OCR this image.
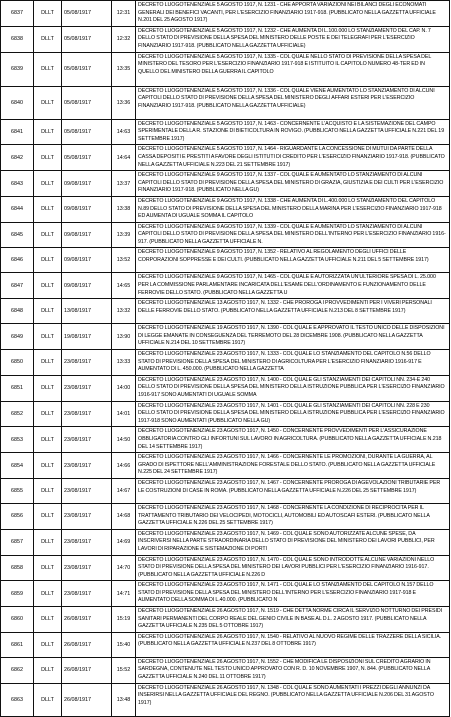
6837	DLLT	05/08/1917	12:31	DECRETO LUOGOTENENZIALE 5 AGOSTO 1917, N. 1231 - CHE APPORTA VARIAZIONI NEI BILANCI DEGLI ECONOMATI GENERALI DEI BENEFICI VACANTI, PER L'ESERCIZIO FINANZIARIO 1917-918. (PUBBLICATO NELLA GAZZETTA UFFICIALE N.201 DEL 25 AGOSTO 1917)

6838	DLLT	05/08/1917	12:32	DECRETO LUOGOTENENZIALE 5 AGOSTO 1917, N. 1232 - CHE AUMENTA DI L.100.000 LO STANZIAMENTO DEL CAP. N. 7 DELLO STATO DI PREVISIONE DELLA SPESA DEL MINISTERO DELLE POSTE E DEI TELEGRAFI PER L'ESERCIZIO FINANZIARIO 1917-918. (PUBBLICATO NELLA GAZZETTA UFFICIALE)

6839	DLLT	05/08/1917	13:35	DECRETO LUOGOTENENZIALE 5 AGOSTO 1917, N. 1335 - COL QUALE NELLO STATO DI PREVISIONE DELLA SPESA DEL MINISTERO DEL TESORO PER L'ESERCIZIO FINANZIARIO 1917-918 E ISTITUITO IL CAPITOLO NUMERO 48-TER ED IN QUELLO DEL MINISTERO DELLA GUERRA IL CAPITOLO

6840	DLLT	05/08/1917	13:36	DECRETO LUOGOTENENZIALE 5 AGOSTO 1917, N. 1336 - COL QUALE VIENE AUMENTATO LO STANZIAMENTO DI ALCUNI CAPITOLI DELLO STATO DI PREVISIONE DELLA SPESA DEL MINISTERO DEGLI AFFARI ESTERI PER L'ESERCIZIO FINANZIARIO 1917-918. (PUBBLICATO NELLA GAZZETTA UFFICIALE)

6841	DLLT	05/08/1917	14:63	DECRETO LUOGOTENENZIALE 5 AGOSTO 1917, N. 1463 - CONCERNENTE L'ACQUISTO E LA SISTEMAZIONE DEL CAMPO SPERIMENTALE DELLA R. STAZIONE DI BIETICOLTURA IN ROVIGO. (PUBBLICATO NELLA GAZZETTA UFFICIALE N.221 DEL 19 SETTEMBRE 1917)

6842	DLLT	05/08/1917	14:64	DECRETO LUOGOTENENZIALE 5 AGOSTO 1917, N. 1464 - RIGUARDANTE LA CONCESSIONE DI MUTUI DA PARTE DELLA CASSA DEPOSITI E PRESTITI A FAVORE DEGLI ISTITUTI DI CREDITO PER L'ESERCIZIO FINANZIARIO 1917-918. (PUBBLICATO NELLA GAZZETTA UFFICIALE N.223 DEL 21 SETTEMBRE 1917)

6843	DLLT	09/08/1917	13:37	DECRETO LUOGOTENENZIALE 9 AGOSTO 1917, N. 1337 - COL QUALE E AUMENTATO LO STANZIAMENTO DI ALCUNI CAPITOLI DELLO STATO DI PREVISIONE DELLA SPESA DEL MINISTERO DI GRAZIA, GIUSTIZIA E DEI CULTI PER L'ESERCIZIO FINANZIARIO 1917-918. (PUBBLICATO NELLA GU)

6844	DLLT	09/08/1917	13:38	DECRETO LUOGOTENENZIALE 9 AGOSTO 1917, N. 1338 - CHE AUMENTA DI L.400.000 LO STANZIAMENTO DEL CAPITOLO N.89 DELLO STATO DI PREVISIONE DELLA SPESA DEL MINISTERO DELLA MARINA PER L'ESERCIZIO FINANZIARIO 1917-918 ED AUMENTA DI UGUALE SOMMA IL CAPITOLO

6845	DLLT	09/08/1917	13:39	DECRETO LUOGOTENENZIALE 9 AGOSTO 1917, N. 1339 - COL QUALE E AUMENTATO LO STANZIAMENTO DI ALCUNI CAPITOLI DELLO STATO DI PREVISIONE DELLA SPESA DEL MINISTERO DELL'INTERNO PER L'ESERCIZIO FINANZIARIO 1916-917. (PUBBLICATO NELLA GAZZETTA UFFICIALE N.

6846	DLLT	09/08/1917	13:52	DECRETO LUOGOTENENZIALE 9 AGOSTO 1917, N. 1352 - RELATIVO AL REGOLAMENTO DEGLI UFFICI DELLE CORPORAZIONI SOPPRESSE E DEI CULTI. (PUBBLICATO NELLA GAZZETTA UFFICIALE N.211 DEL 5 SETTEMBRE 1917)

6847	DLLT	09/08/1917	14:65	DECRETO LUOGOTENENZIALE 9 AGOSTO 1917, N. 1465 - COL QUALE E AUTORIZZATA UN'ULTERIORE SPESA DI L. 25.000 PER LA COMMISSIONE PARLAMENTARE INCARICATA DELL'ESAME DELL'ORDINAMENTO E FUNZIONAMENTO DELLE FERROVIE DELLO STATO. (PUBBLICATO NELLA GAZZETTA U

6848	DLLT	13/08/1917	13:32	DECRETO LUOGOTENENZIALE 13 AGOSTO 1917, N. 1332 - CHE PROROGA I PROVVEDIMENTI PER I VIVERI PERSONALI DELLE FERROVIE DELLO STATO. (PUBBLICATO NELLA GAZZETTA UFFICIALE N.213 DEL 8 SETTEMBRE 1917)

6849	DLLT	19/08/1917	13:90	DECRETO LUOGOTENENZIALE 19 AGOSTO 1917, N. 1390 - COL QUALE E APPROVATO IL TESTO UNICO DELLE DISPOSIZIONI DI LEGGE EMANATE IN CONSEGUENZA DEL TERREMOTO DEL 28 DICEMBRE 1908. (PUBBLICATO NELLA GAZZETTA UFFICIALE N.214 DEL 10 SETTEMBRE 1917)

6850	DLLT	23/08/1917	13:33	DECRETO LUOGOTENENZIALE 23 AGOSTO 1917, N. 1333 - COL QUALE LO STANZIAMENTO DEL CAPITOLO N.56 DELLO STATO DI PREVISIONE DELLA SPESA DEL MINISTERO DI AGRICOLTURA PER L'ESERCIZIO FINANZIARIO 1916-917 E AUMENTATO DI L. 450.000. (PUBBLICATO NELLA GAZZETTA

6851	DLLT	23/08/1917	14:00	DECRETO LUOGOTENENZIALE 23 AGOSTO 1917, N. 1400 - COL QUALE GLI STANZIAMENTI DEI CAPITOLI NN. 234-E 240 DELLO STATO DI PREVISIONE DELLA SPESA DEL MINISTERO DELLA ISTRUZIONE PUBBLICA PER L'ESERCIZIO FINANZIARIO 1916-917 SONO AUMENTATI DI UGUALE SOMMA

6852	DLLT	23/08/1917	14:01	DECRETO LUOGOTENENZIALE 23 AGOSTO 1917, N. 1401 - COL QUALE GLI STANZIAMENTI DEI CAPITOLI NN. 228 E 230 DELLO STATO DI PREVISIONE DELLA SPESA DEL MINISTERO DELLA ISTRUZIONE PUBBLICA PER L'ESERCIZIO FINANZIARIO 1917-918 SONO AUMENTATI (PUBBLICATO NELLA GU)

6853	DLLT	23/08/1917	14:50	DECRETO LUOGOTENENZIALE 23 AGOSTO 1917, N. 1450 - CONCERNENTE PROVVEDIMENTI PER L'ASSICURAZIONE OBBLIGATORIA CONTRO GLI INFORTUNI SUL LAVORO IN AGRICOLTURA. (PUBBLICATO NELLA GAZZETTA UFFICIALE N.218 DEL 14 SETTEMBRE 1917)

6854	DLLT	23/08/1917	14:66	DECRETO LUOGOTENENZIALE 23 AGOSTO 1917, N. 1466 - CONCERNENTE LE PROMOZIONI, DURANTE LA GUERRA, AL GRADO DI ISPETTORE NELL'AMMINISTRAZIONE FORESTALE DELLO STATO. (PUBBLICATO NELLA GAZZETTA UFFICIALE N.225 DEL 24 SETTEMBRE 1917)

6855	DLLT	23/08/1917	14:67	DECRETO LUOGOTENENZIALE 23 AGOSTO 1917, N. 1467 - CONCERNENTE PROROGA DI AGEVOLAZIONI TRIBUTARIE PER LE COSTRUZIONI DI CASE IN ROMA. (PUBBLICATO NELLA GAZZETTA UFFICIALE N.226 DEL 25 SETTEMBRE 1917)

6856	DLLT	23/08/1917	14:68	DECRETO LUOGOTENENZIALE 23 AGOSTO 1917, N. 1468 - CONCERNENTE LA CONDIZIONE DI RECIPROCITA PER IL TRATTAMENTO TRIBUTARIO DEI VELOCIPEDI, MOTOCICLI, AUTOMOBILI ED AUTOSCAFI ESTERI. (PUBBLICATO NELLA GAZZETTA UFFICIALE N.226 DEL 25 SETTEMBRE 1917)

6857	DLLT	23/08/1917	14:69	DECRETO LUOGOTENENZIALE 23 AGOSTO 1917, N. 1469 - COL QUALE SONO AUTORIZZATE ALCUNE SPESE, DA INSCRIVERSI NELLA PARTE STRAORDINARIA DELLO STATO DI PREVISIONE DEL MINISTERO DEI LAVORI PUBBLICI, PER LAVORI DI RIPARAZIONE E SISTEMAZIONE DI PORTI

6858	DLLT	23/08/1917	14:70	DECRETO LUOGOTENENZIALE 23 AGOSTO 1917, N. 1470 - COL QUALE SONO INTRODOTTE ALCUNE VARIAZIONI NELLO STATO DI PREVISIONE DELLA SPESA DEL MINISTERO DEI LAVORI PUBBLICI PER L'ESERCIZIO FINANZIARIO 1916-917. (PUBBLICATO NELLA GAZZETTA UFFICIALE N.226 D

6859	DLLT	23/08/1917	14:71	DECRETO LUOGOTENENZIALE 23 AGOSTO 1917, N. 1471 - COL QUALE LO STANZIAMENTO DEL CAPITOLO N.157 DELLO STATO DI PREVISIONE DELLA SPESA DEL MINISTERO DELL'INTERNO PER L'ESERCIZIO FINANZIARIO 1917-918 E AUMENTATO DELLA SOMMA DI L.40.000. (PUBBLICATO N

6860	DLLT	26/08/1917	15:19	DECRETO LUOGOTENENZIALE 26 AGOSTO 1917, N. 1519 - CHE DETTA NORME CIRCA IL SERVIZIO NOTTURNO DEI PRESIDI SANITARI PERMANENTI DEL CORPO REALE DEL GENIO CIVILE IN BASE AL D.L. 2 AGOSTO 1917. (PUBBLICATO NELLA GAZZETTA UFFICIALE N.235 DEL 5 OTTOBRE 1917)

6861	DLLT	26/08/1917	15:40	DECRETO LUOGOTENENZIALE 26 AGOSTO 1917, N. 1540 - RELATIVO AL NUOVO REGIME DELLE TRAZZERE DELLA SICILIA. (PUBBLICATO NELLA GAZZETTA UFFICIALE N.237 DEL 8 OTTOBRE 1917)

6862	DLLT	26/08/1917	15:52	DECRETO LUOGOTENENZIALE 26 AGOSTO 1917, N. 1552 - CHE MODIFICA LE DISPOSIZIONI SUL CREDITO AGRARIO IN SARDEGNA, CONTENUTE NEL TESTO UNICO APPROVATO CON R. D. 10 NOVEMBRE 1907, N. 844. (PUBBLICATO NELLA GAZZETTA UFFICIALE N.240 DEL 11 OTTOBRE 1917)

6863	DLLT	26/08/1917	13:48	DECRETO LUOGOTENENZIALE 26 AGOSTO 1917, N. 1348 - COL QUALE SONO AUMENTATI I PREZZI DEGLI ANNUNZI DA INSERIRSI NELLA GAZZETTA UFFICIALE DEL REGNO. (PUBBLICATO NELLA GAZZETTA UFFICIALE N.206 DEL 31 AGOSTO 1917)
